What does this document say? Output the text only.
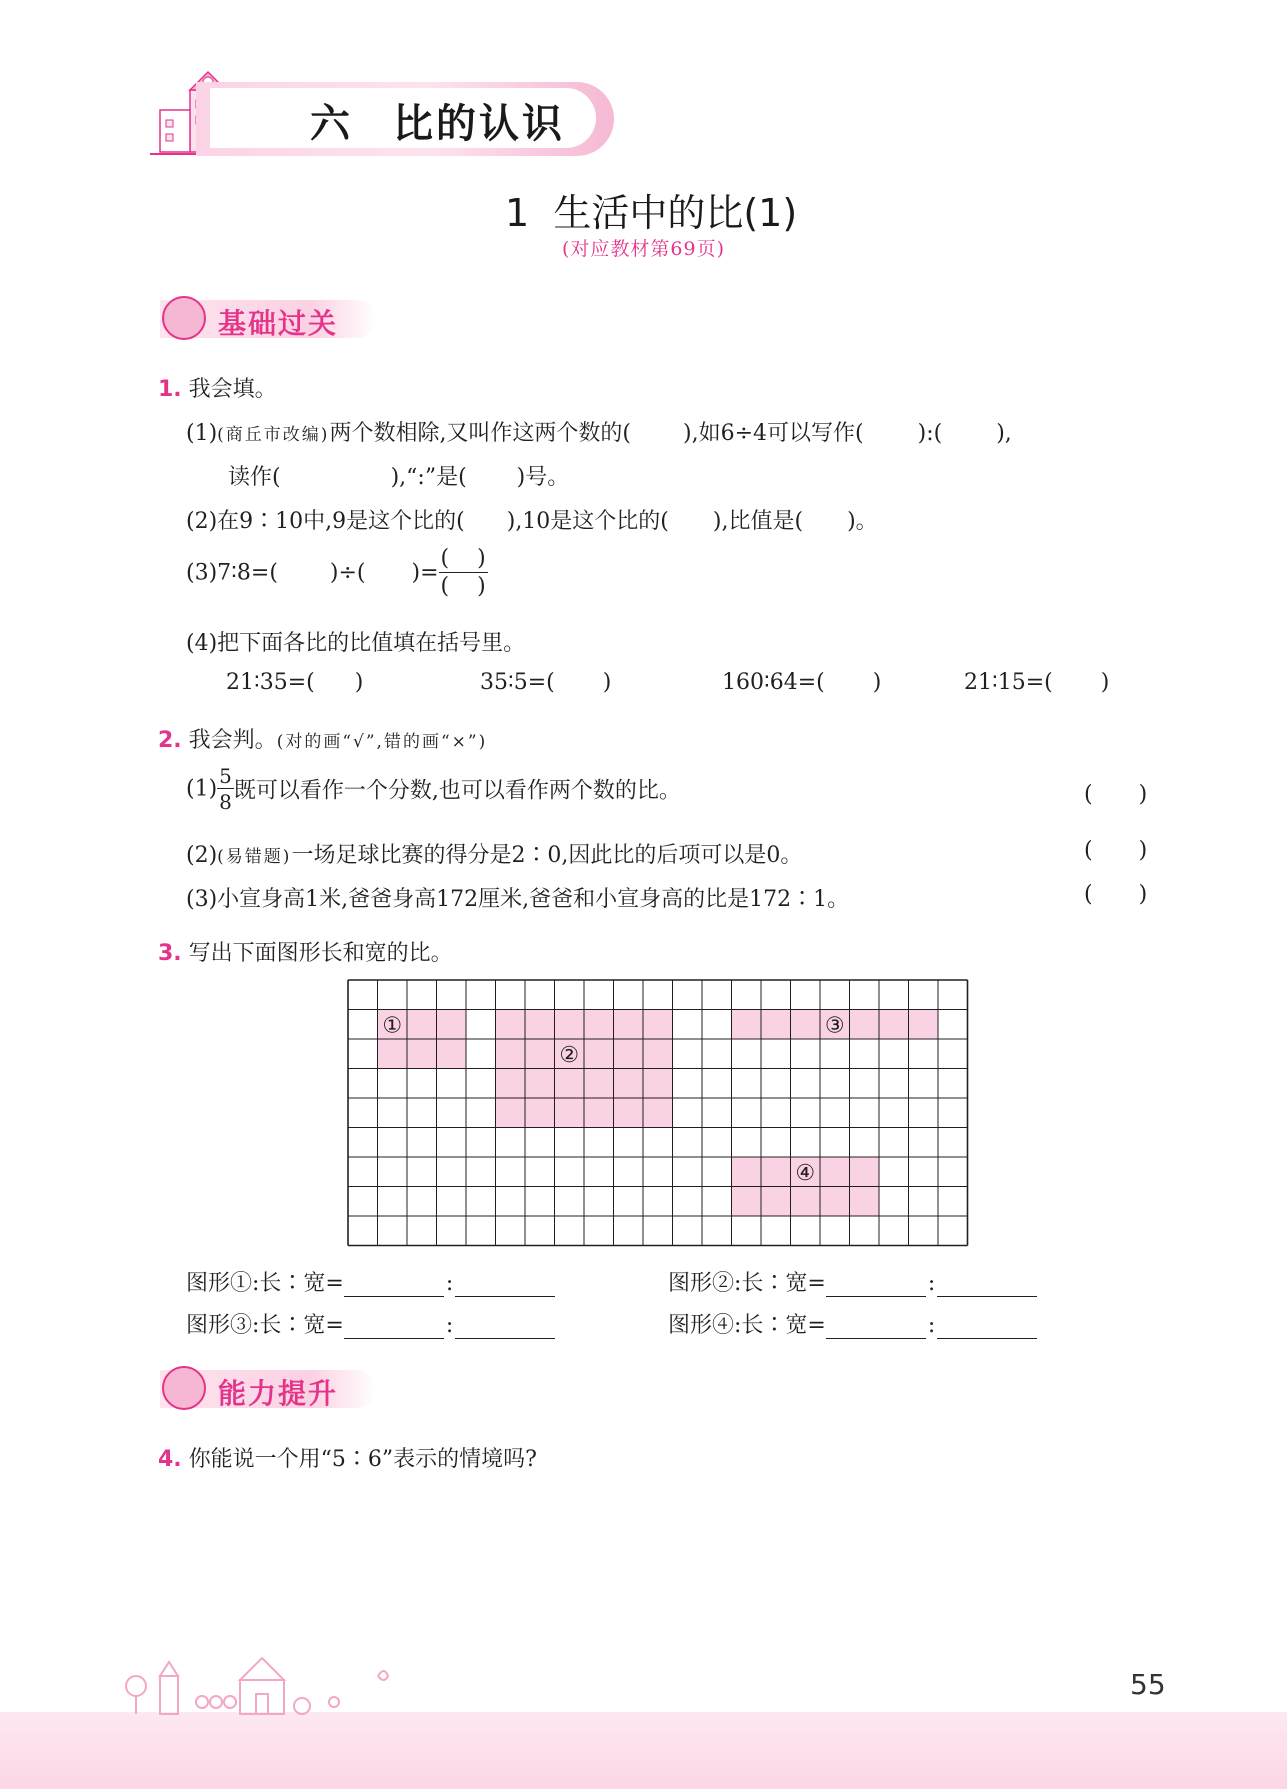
六 比的认识
1  生活中的比(1)
(对应教材第69页)
基础过关
1. 我会填。
(1)(商丘市改编)两个数相除,又叫作这两个数的( ),如6÷4可以写作( ):( ),
读作(	),“:”是( )号。
(2)在9∶10中,9是这个比的( ),10是这个比的( ),比值是( )。
(3)7∶8=( )÷( )= $\frac{( )}{( )}$
(4)把下面各比的比值填在括号里。
21∶35=( )	35∶5=( )	160∶64=( )	21∶15=( )
2. 我会判。(对的画“√”,错的画“×”)
$(1) \frac{5}{8}$ 既可以看作一个分数,也可以看作两个数的比。	( )
(2)(易错题)一场足球比赛的得分是2∶0,因此比的后项可以是0。	( )
(3)小宣身高1米,爸爸身高172厘米,爸爸和小宣身高的比是172∶1。	( )
3. 写出下面图形长和宽的比。
①
②
③
④
图形①:长∶宽=	:	图形②:长∶宽=	:
图形③:长∶宽=	:	图形④:长∶宽=	:
能力提升
4. 你能说一个用“5∶6”表示的情境吗?
55
